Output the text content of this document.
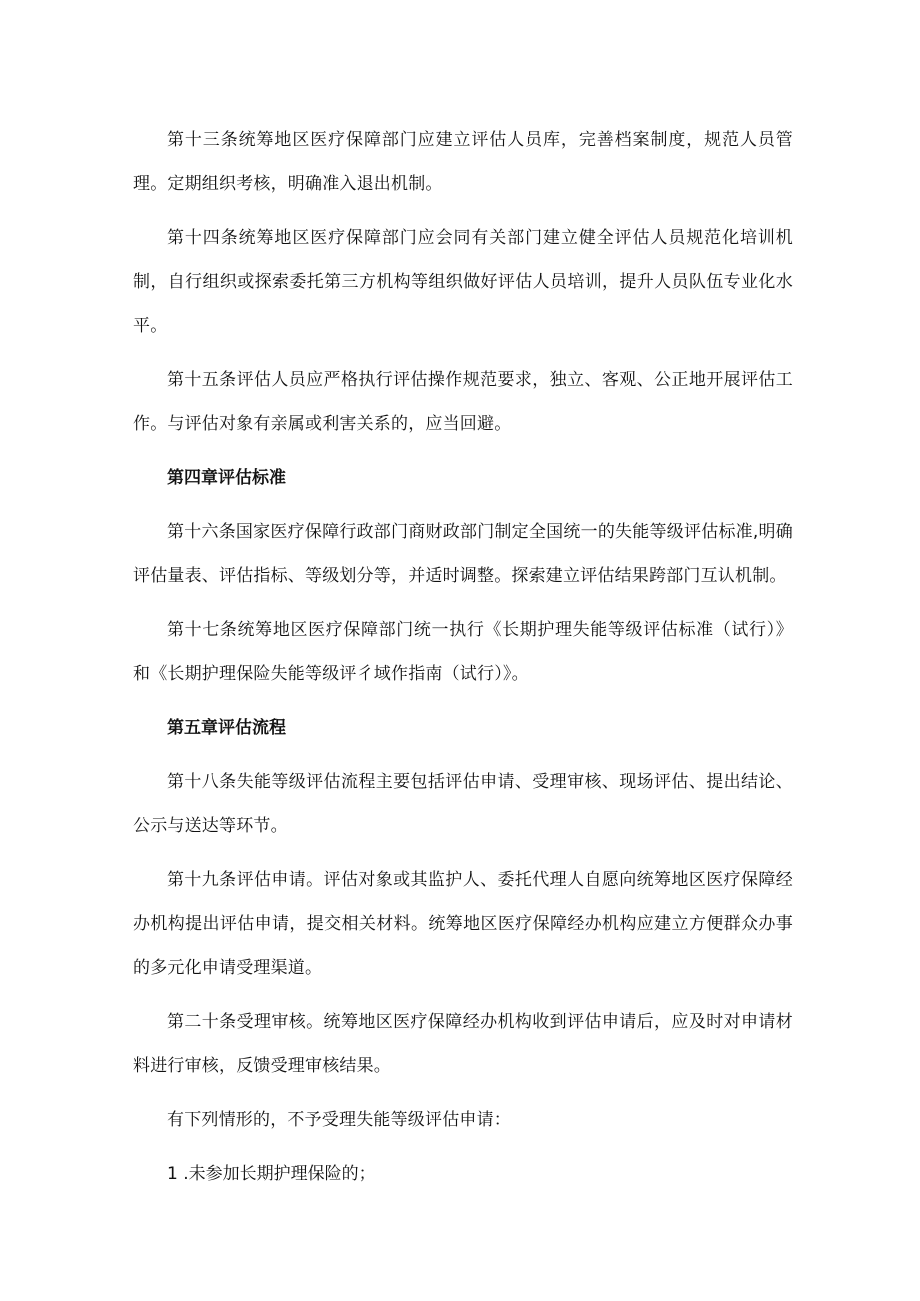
第十三条统筹地区医疗保障部门应建立评估人员库，完善档案制度，规范人员管理。定期组织考核，明确准入退出机制。

第十四条统筹地区医疗保障部门应会同有关部门建立健全评估人员规范化培训机制，自行组织或探索委托第三方机构等组织做好评估人员培训，提升人员队伍专业化水平。

第十五条评估人员应严格执行评估操作规范要求，独立、客观、公正地开展评估工作。与评估对象有亲属或利害关系的，应当回避。

第四章评估标准

第十六条国家医疗保障行政部门商财政部门制定全国统一的失能等级评估标准,明确评估量表、评估指标、等级划分等，并适时调整。探索建立评估结果跨部门互认机制。

第十七条统筹地区医疗保障部门统一执行《长期护理失能等级评估标准（试行）》和《长期护理保险失能等级评彳域作指南（试行）》。

第五章评估流程

第十八条失能等级评估流程主要包括评估申请、受理审核、现场评估、提出结论、公示与送达等环节。

第十九条评估申请。评估对象或其监护人、委托代理人自愿向统筹地区医疗保障经办机构提出评估申请，提交相关材料。统筹地区医疗保障经办机构应建立方便群众办事的多元化申请受理渠道。

第二十条受理审核。统筹地区医疗保障经办机构收到评估申请后，应及时对申请材料进行审核，反馈受理审核结果。

有下列情形的，不予受理失能等级评估申请：

1 .未参加长期护理保险的；
